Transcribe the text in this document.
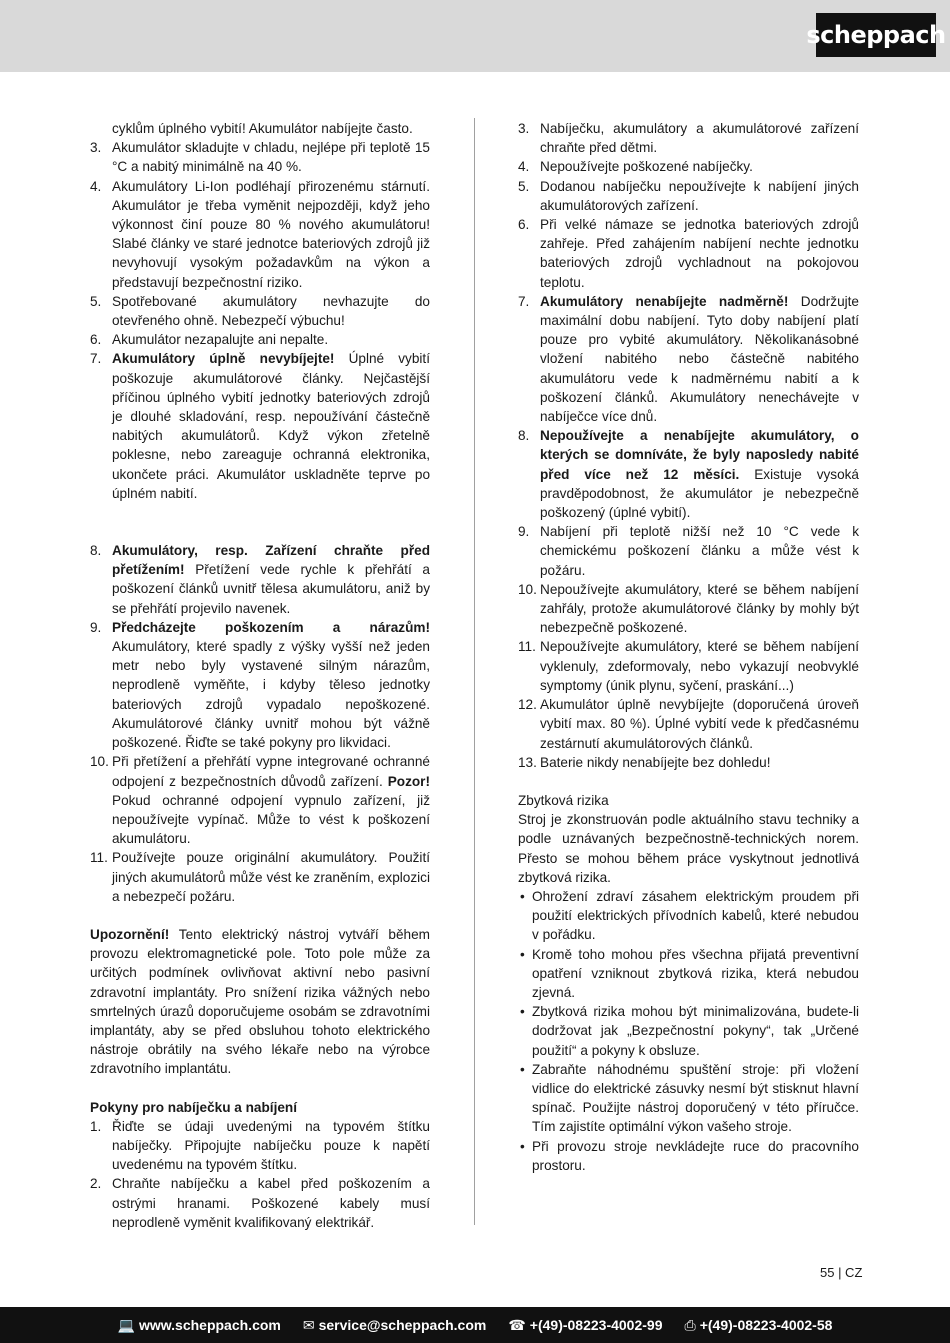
scheppach

cyklům úplného vybití! Akumulátor nabíjejte často.

3. Akumulátor skladujte v chladu, nejlépe při teplotě 15 °C a nabitý minimálně na 40 %.
4. Akumulátory Li-Ion podléhají přirozenému stárnutí. Akumulátor je třeba vyměnit nejpozději, když jeho výkonnost činí pouze 80 % nového akumulátoru! Slabé články ve staré jednotce bateriových zdrojů již nevyhovují vysokým požadavkům na výkon a představují bezpečnostní riziko.
5. Spotřebované akumulátory nevhazujte do otevřeného ohně. Nebezpečí výbuchu!
6. Akumulátor nezapalujte ani nepalte.
7. Akumulátory úplně nevybíjejte! Úplné vybití poškozuje akumulátorové články. Nejčastější příčinou úplného vybití jednotky bateriových zdrojů je dlouhé skladování, resp. nepoužívání částečně nabitých akumulátorů. Když výkon zřetelně poklesne, nebo zareaguje ochranná elektronika, ukončete práci. Akumulátor uskladněte teprve po úplném nabití.
8. Akumulátory, resp. Zařízení chraňte před přetížením! Přetížení vede rychle k přehřátí a poškození článků uvnitř tělesa akumulátoru, aniž by se přehřátí projevilo navenek.
9. Předcházejte poškozením a nárazům! Akumulátory, které spadly z výšky vyšší než jeden metr nebo byly vystavené silným nárazům, neprodleně vyměňte, i kdyby těleso jednotky bateriových zdrojů vypadalo nepoškozené. Akumulátorové články uvnitř mohou být vážně poškozené. Řiďte se také pokyny pro likvidaci.
10. Při přetížení a přehřátí vypne integrované ochranné odpojení z bezpečnostních důvodů zařízení. Pozor! Pokud ochranné odpojení vypnulo zařízení, již nepoužívejte vypínač. Může to vést k poškození akumulátoru.
11. Používejte pouze originální akumulátory. Použití jiných akumulátorů může vést ke zraněním, explozici a nebezpečí požáru.

Upozornění! Tento elektrický nástroj vytváří během provozu elektromagnetické pole. Toto pole může za určitých podmínek ovlivňovat aktivní nebo pasivní zdravotní implantáty. Pro snížení rizika vážných nebo smrtelných úrazů doporučujeme osobám se zdravotními implantáty, aby se před obsluhou tohoto elektrického nástroje obrátily na svého lékaře nebo na výrobce zdravotního implantátu.

Pokyny pro nabíječku a nabíjení

1. Řiďte se údaji uvedenými na typovém štítku nabíječky. Připojujte nabíječku pouze k napětí uvedenému na typovém štítku.
2. Chraňte nabíječku a kabel před poškozením a ostrými hranami. Poškozené kabely musí neprodleně vyměnit kvalifikovaný elektrikář.
3. Nabíječku, akumulátory a akumulátorové zařízení chraňte před dětmi.
4. Nepoužívejte poškozené nabíječky.
5. Dodanou nabíječku nepoužívejte k nabíjení jiných akumulátorových zařízení.
6. Při velké námaze se jednotka bateriových zdrojů zahřeje. Před zahájením nabíjení nechte jednotku bateriových zdrojů vychladnout na pokojovou teplotu.
7. Akumulátory nenabíjejte nadměrně! Dodržujte maximální dobu nabíjení. Tyto doby nabíjení platí pouze pro vybité akumulátory. Několikanásobné vložení nabitého nebo částečně nabitého akumulátoru vede k nadměrnému nabití a k poškození článků. Akumulátory nenechávejte v nabíječce více dnů.
8. Nepoužívejte a nenabíjejte akumulátory, o kterých se domníváte, že byly naposledy nabité před více než 12 měsíci. Existuje vysoká pravděpodobnost, že akumulátor je nebezpečně poškozený (úplné vybití).
9. Nabíjení při teplotě nižší než 10 °C vede k chemickému poškození článku a může vést k požáru.
10. Nepoužívejte akumulátory, které se během nabíjení zahřály, protože akumulátorové články by mohly být nebezpečně poškozené.
11. Nepoužívejte akumulátory, které se během nabíjení vyklenuly, zdeformovaly, nebo vykazují neobvyklé symptomy (únik plynu, syčení, praskání...)
12. Akumulátor úplně nevybíjejte (doporučená úroveň vybití max. 80 %). Úplné vybití vede k předčasnému zestárnutí akumulátorových článků.
13. Baterie nikdy nenabíjejte bez dohledu!

Zbytková rizika

Stroj je zkonstruován podle aktuálního stavu techniky a podle uznávaných bezpečnostně-technických norem. Přesto se mohou během práce vyskytnout jednotlivá zbytková rizika.

• Ohrožení zdraví zásahem elektrickým proudem při použití elektrických přívodních kabelů, které nebudou v pořádku.
• Kromě toho mohou přes všechna přijatá preventivní opatření vzniknout zbytková rizika, která nebudou zjevná.
• Zbytková rizika mohou být minimalizována, budete-li dodržovat jak „Bezpečnostní pokyny“, tak „Určené použití“ a pokyny k obsluze.
• Zabraňte náhodnému spuštění stroje: při vložení vidlice do elektrické zásuvky nesmí být stisknut hlavní spínač. Použijte nástroj doporučený v této příručce. Tím zajistíte optimální výkon vašeho stroje.
• Při provozu stroje nevkládejte ruce do pracovního prostoru.
55 | CZ
💻 www.scheppach.com ✉ service@scheppach.com ☎ +(49)-08223-4002-99 ⎙ +(49)-08223-4002-58
